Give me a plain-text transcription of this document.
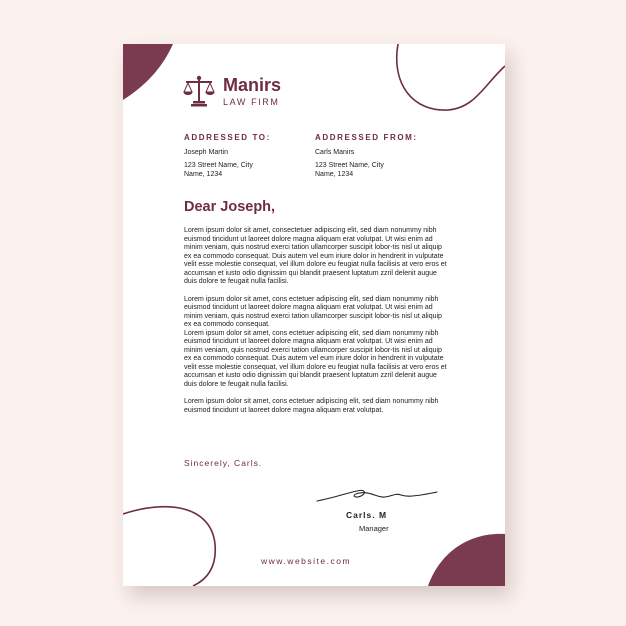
Manirs
LAW FIRM
ADDRESSED TO:
Joseph Martin
123 Street Name, City
Name, 1234
ADDRESSED FROM:
Carls Manirs
123 Street Name, City
Name, 1234
Dear Joseph,

Lorem ipsum dolor sit amet, consectetuer adipiscing elit, sed diam nonummy nibh euismod tincidunt ut laoreet dolore magna aliquam erat volutpat. Ut wisi enim ad minim veniam, quis nostrud exerci tation ullamcorper suscipit lobor-tis nisl ut aliquip ex ea commodo consequat. Duis autem vel eum iriure dolor in hendrerit in vulputate velit esse molestie consequat, vel illum dolore eu feugiat nulla facilisis at vero eros et accumsan et iusto odio dignissim qui blandit praesent luptatum zzril delenit augue duis dolore te feugait nulla facilisi.

Lorem ipsum dolor sit amet, cons ectetuer adipiscing elit, sed diam nonummy nibh euismod tincidunt ut laoreet dolore magna aliquam erat volutpat. Ut wisi enim ad minim veniam, quis nostrud exerci tation ullamcorper suscipit lobor-tis nisl ut aliquip ex ea commodo consequat.

Lorem ipsum dolor sit amet, cons ectetuer adipiscing elit, sed diam nonummy nibh euismod tincidunt ut laoreet dolore magna aliquam erat volutpat. Ut wisi enim ad minim veniam, quis nostrud exerci tation ullamcorper suscipit lobor-tis nisl ut aliquip ex ea commodo consequat. Duis autem vel eum iriure dolor in hendrerit in vulputate velit esse molestie consequat, vel illum dolore eu feugiat nulla facilisis at vero eros et accumsan et iusto odio dignissim qui blandit praesent luptatum zzril delenit augue duis dolore te feugait nulla facilisi.

Lorem ipsum dolor sit amet, cons ectetuer adipiscing elit, sed diam nonummy nibh euismod tincidunt ut laoreet dolore magna aliquam erat volutpat.

Sincerely, Carls.
Carls. M
Manager
www.website.com
